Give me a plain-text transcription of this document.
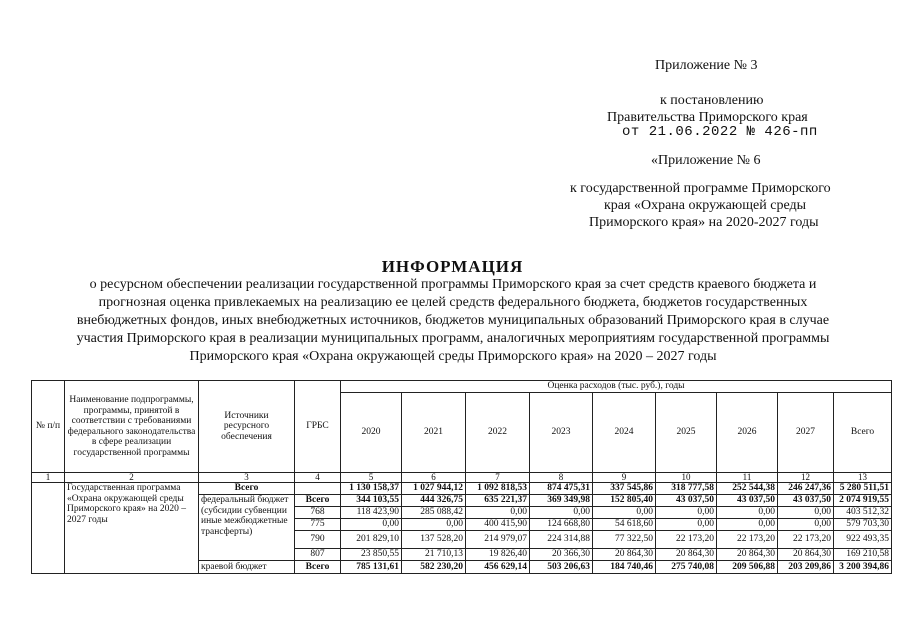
Приложение № 3
к постановлению
Правительства Приморского края
от 21.06.2022 № 426-пп
«Приложение № 6
к государственной программе Приморского
края «Охрана окружающей среды
Приморского края» на 2020-2027 годы
ИНФОРМАЦИЯ
о ресурсном обеспечении реализации государственной программы Приморского края за счет средств краевого бюджета и
прогнозная оценка привлекаемых на реализацию ее целей средств федерального бюджета, бюджетов государственных
внебюджетных фондов, иных внебюджетных источников, бюджетов муниципальных образований Приморского края в случае
участия Приморского края в реализации муниципальных программ, аналогичных мероприятиям государственной программы
Приморского края «Охрана окружающей среды Приморского края» на 2020 – 2027 годы
№ п/п	Наименование подпрограммы, программы, принятой в соответствии с требованиями федерального законодательства в сфере реализации государственной программы	Источники ресурсного обеспечения	ГРБС	Оценка расходов (тыс. руб.), годы								
				2020	2021	2022	2023	2024	2025	2026	2027	Всего
1	2	3	4	5	6	7	8	9	10	11	12	13
	Государственная программа «Охрана окружающей среды Приморского края» на 2020 – 2027 годы	Всего		1 130 158,37	1 027 944,12	1 092 818,53	874 475,31	337 545,86	318 777,58	252 544,38	246 247,36	5 280 511,51
		федеральный бюджет (субсидии субвенции иные межбюджетные трансферты)	Всего	344 103,55	444 326,75	635 221,37	369 349,98	152 805,40	43 037,50	43 037,50	43 037,50	2 074 919,55
			768	118 423,90	285 088,42	0,00	0,00	0,00	0,00	0,00	0,00	403 512,32
			775	0,00	0,00	400 415,90	124 668,80	54 618,60	0,00	0,00	0,00	579 703,30
			790	201 829,10	137 528,20	214 979,07	224 314,88	77 322,50	22 173,20	22 173,20	22 173,20	922 493,35
			807	23 850,55	21 710,13	19 826,40	20 366,30	20 864,30	20 864,30	20 864,30	20 864,30	169 210,58
		краевой бюджет	Всего	785 131,61	582 230,20	456 629,14	503 206,63	184 740,46	275 740,08	209 506,88	203 209,86	3 200 394,86
